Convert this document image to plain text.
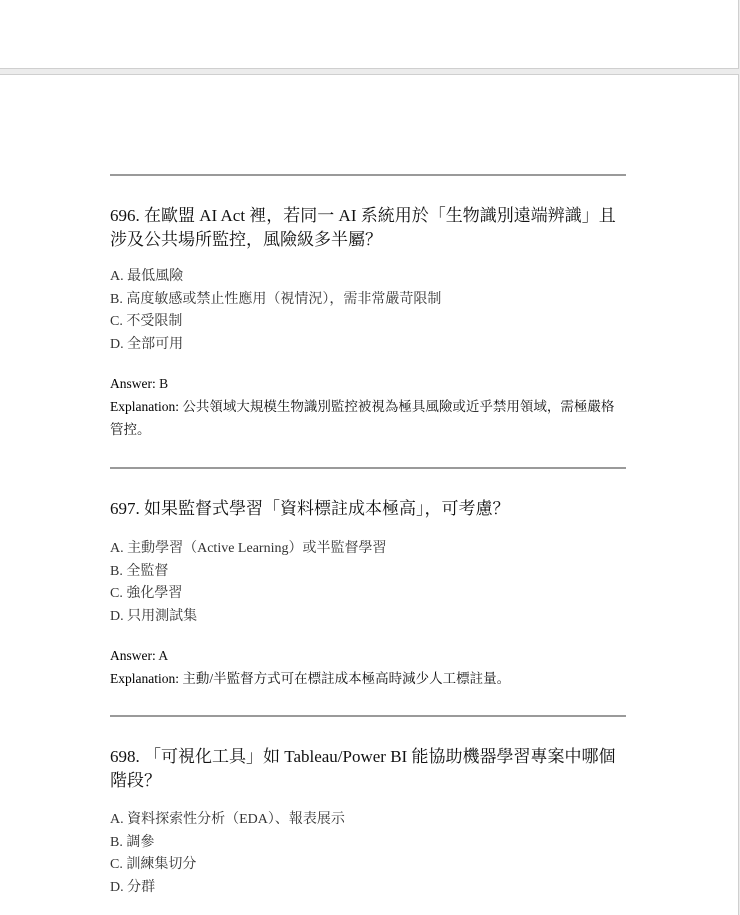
696. 在歐盟 AI Act 裡，若同一 AI 系統用於「生物識別遠端辨識」且涉及公共場所監控，風險級多半屬？
A. 最低風險
B. 高度敏感或禁止性應用（視情況），需非常嚴苛限制
C. 不受限制
D. 全部可用
Answer: B
Explanation: 公共領域大規模生物識別監控被視為極具風險或近乎禁用領域，需極嚴格管控。
697. 如果監督式學習「資料標註成本極高」，可考慮？
A. 主動學習（Active Learning）或半監督學習
B. 全監督
C. 強化學習
D. 只用測試集
Answer: A
Explanation: 主動/半監督方式可在標註成本極高時減少人工標註量。
698. 「可視化工具」如 Tableau/Power BI 能協助機器學習專案中哪個階段？
A. 資料探索性分析（EDA）、報表展示
B. 調參
C. 訓練集切分
D. 分群
